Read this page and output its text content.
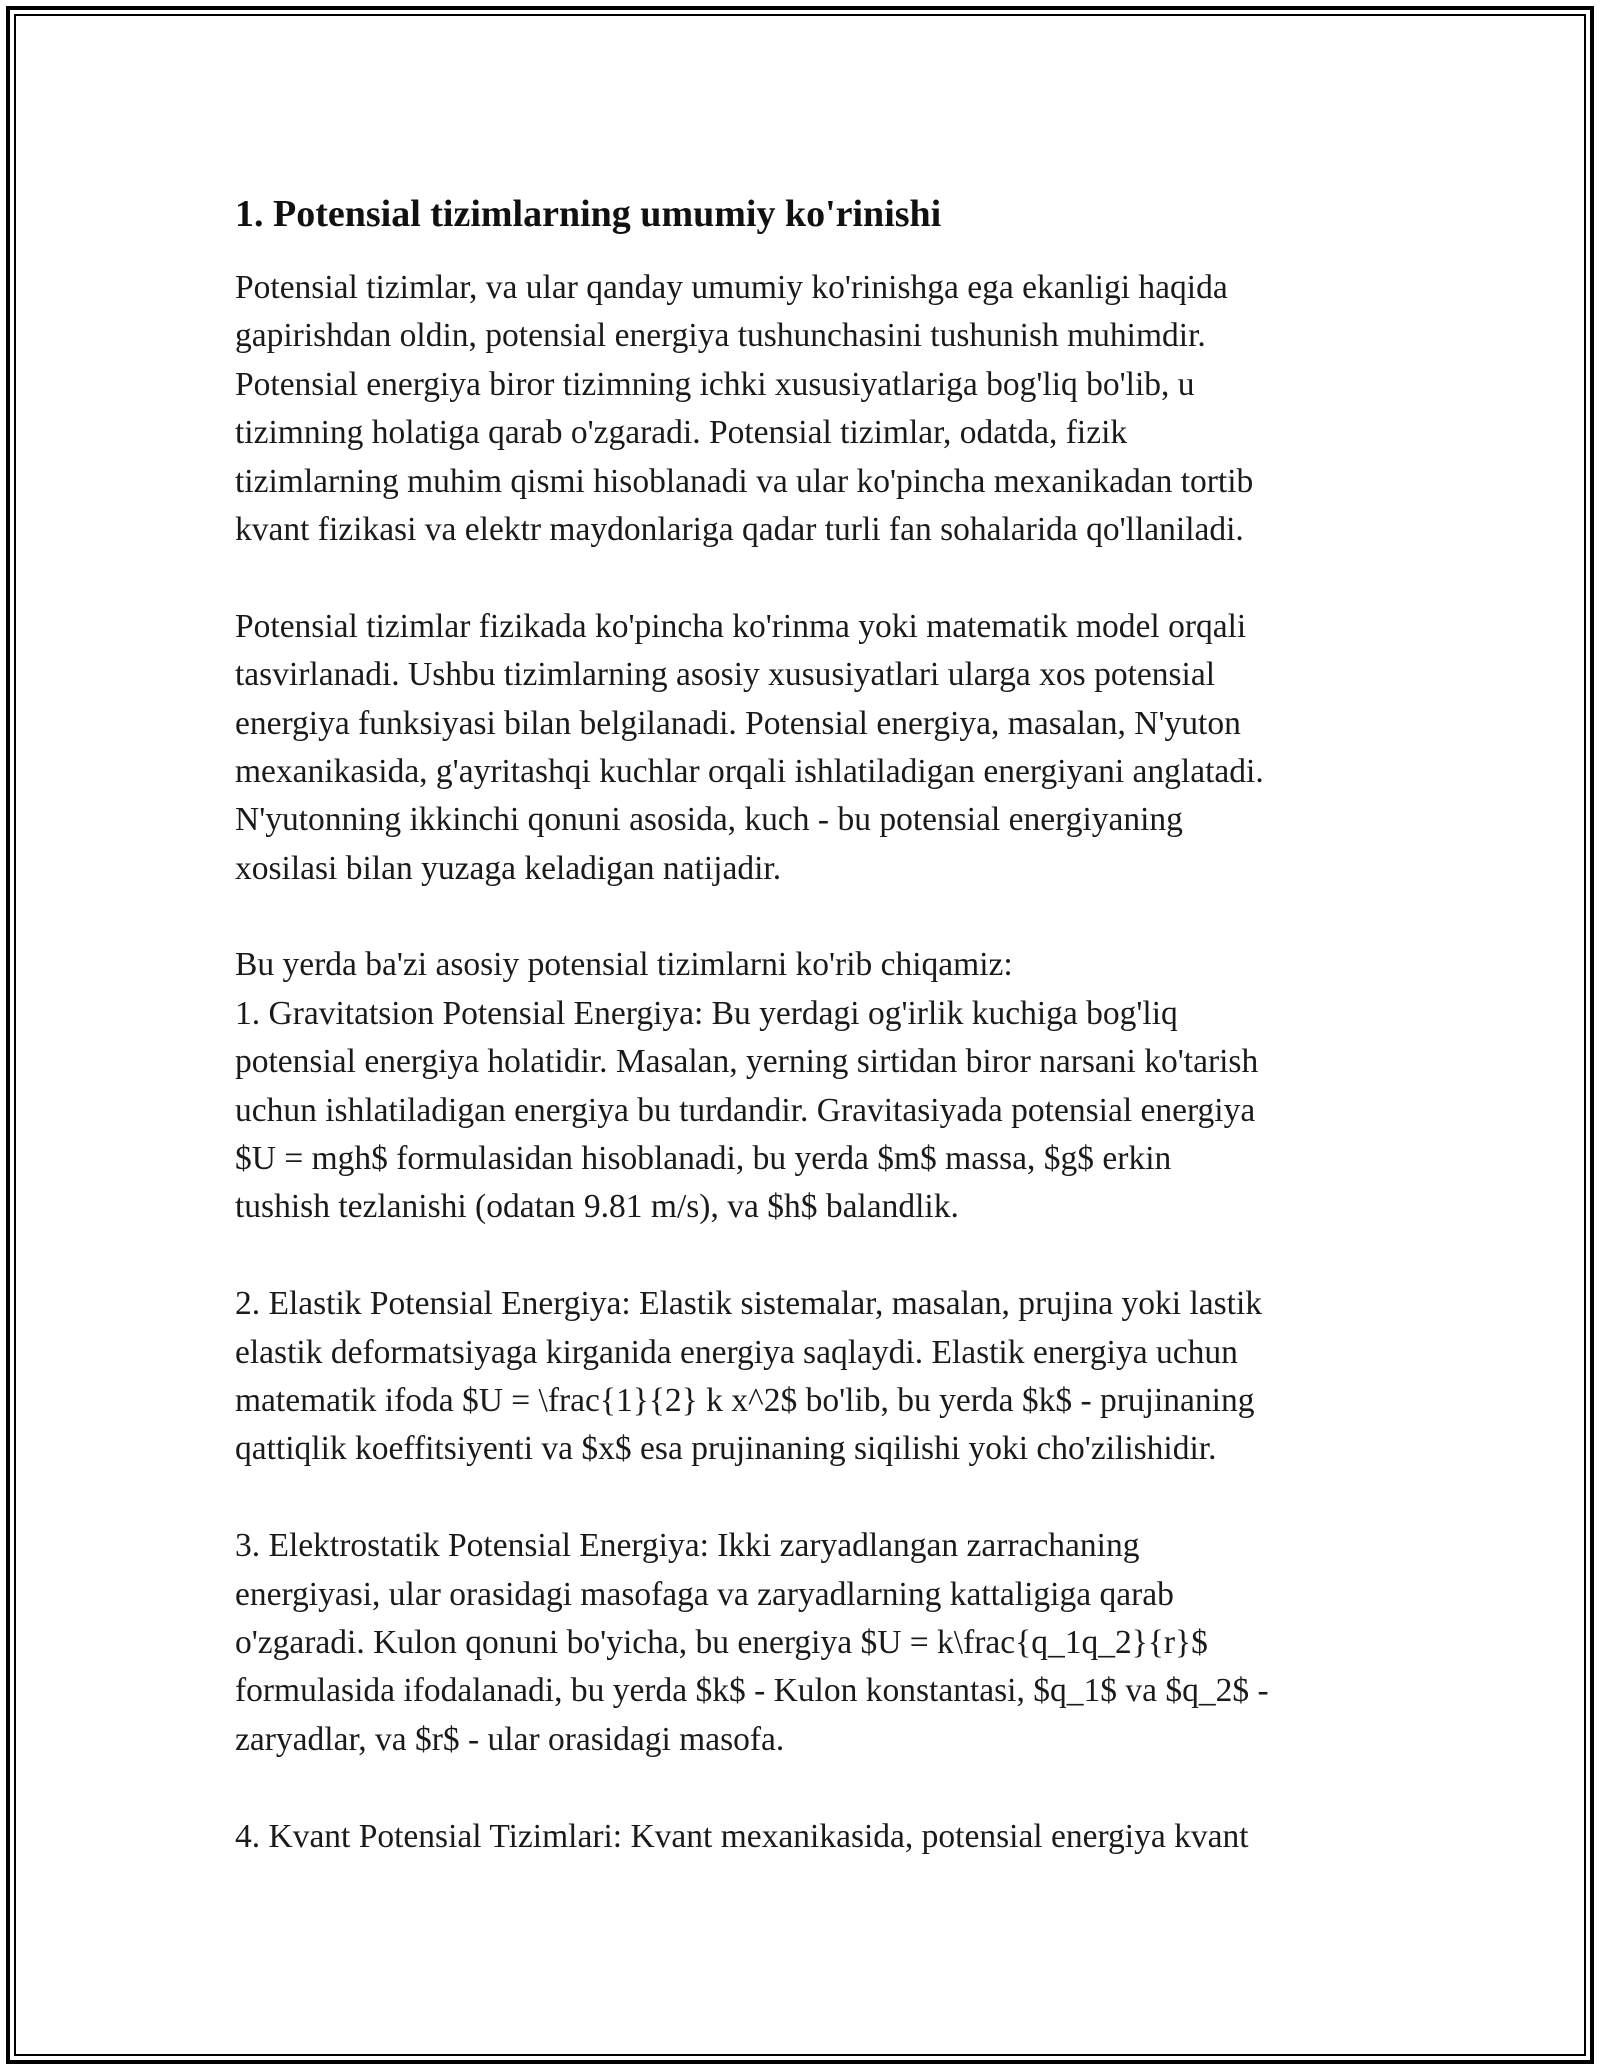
1. Potensial tizimlarning umumiy ko'rinishi
Potensial tizimlar, va ular qanday umumiy ko'rinishga ega ekanligi haqida
gapirishdan oldin, potensial energiya tushunchasini tushunish muhimdir.
Potensial energiya biror tizimning ichki xususiyatlariga bog'liq bo'lib, u
tizimning holatiga qarab o'zgaradi. Potensial tizimlar, odatda, fizik
tizimlarning muhim qismi hisoblanadi va ular ko'pincha mexanikadan tortib
kvant fizikasi va elektr maydonlariga qadar turli fan sohalarida qo'llaniladi.
Potensial tizimlar fizikada ko'pincha ko'rinma yoki matematik model orqali
tasvirlanadi. Ushbu tizimlarning asosiy xususiyatlari ularga xos potensial
energiya funksiyasi bilan belgilanadi. Potensial energiya, masalan, N'yuton
mexanikasida, g'ayritashqi kuchlar orqali ishlatiladigan energiyani anglatadi.
N'yutonning ikkinchi qonuni asosida, kuch - bu potensial energiyaning
xosilasi bilan yuzaga keladigan natijadir.
Bu yerda ba'zi asosiy potensial tizimlarni ko'rib chiqamiz:
1. Gravitatsion Potensial Energiya: Bu yerdagi og'irlik kuchiga bog'liq
potensial energiya holatidir. Masalan, yerning sirtidan biror narsani ko'tarish
uchun ishlatiladigan energiya bu turdandir. Gravitasiyada potensial energiya
$U = mgh$ formulasidan hisoblanadi, bu yerda $m$ massa, $g$ erkin
tushish tezlanishi (odatan 9.81 m/s), va $h$ balandlik.
2. Elastik Potensial Energiya: Elastik sistemalar, masalan, prujina yoki lastik
elastik deformatsiyaga kirganida energiya saqlaydi. Elastik energiya uchun
matematik ifoda $U = \frac{1}{2} k x^2$ bo'lib, bu yerda $k$ - prujinaning
qattiqlik koeffitsiyenti va $x$ esa prujinaning siqilishi yoki cho'zilishidir.
3. Elektrostatik Potensial Energiya: Ikki zaryadlangan zarrachaning
energiyasi, ular orasidagi masofaga va zaryadlarning kattaligiga qarab
o'zgaradi. Kulon qonuni bo'yicha, bu energiya $U = k\frac{q_1q_2}{r}$
formulasida ifodalanadi, bu yerda $k$ - Kulon konstantasi, $q_1$ va $q_2$ -
zaryadlar, va $r$ - ular orasidagi masofa.
4. Kvant Potensial Tizimlari: Kvant mexanikasida, potensial energiya kvant
